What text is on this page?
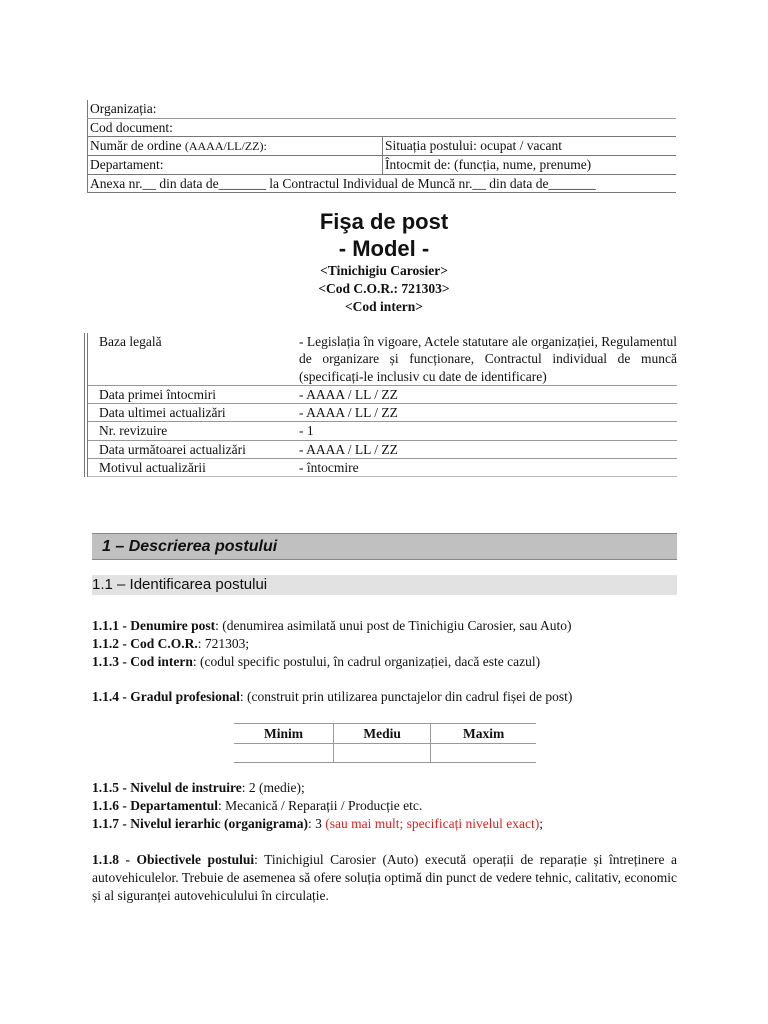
Organizația:	
Cod document:	
Număr de ordine (AAAA/LL/ZZ):	Situația postului: ocupat / vacant
Departament:	Întocmit de: (funcția, nume, prenume)
Anexa nr.__ din data de_______ la Contractul Individual de Muncă nr.__ din data de_______	
Fişa de post
- Model -
<Tinichigiu Carosier>
<Cod C.O.R.: 721303>
<Cod intern>
Baza legală	- Legislația în vigoare, Actele statutare ale organizației, Regulamentul de organizare și funcționare, Contractul individual de muncă (specificați-le inclusiv cu date de identificare)
Data primei întocmiri	- AAAA / LL / ZZ
Data ultimei actualizări	- AAAA / LL / ZZ
Nr. revizuire	- 1
Data următoarei actualizări	- AAAA / LL / ZZ
Motivul actualizării	- întocmire
1 – Descrierea postului
1.1 – Identificarea postului
1.1.1 - Denumire post: (denumirea asimilată unui post de Tinichigiu Carosier, sau Auto)
1.1.2 - Cod C.O.R.: 721303;
1.1.3 - Cod intern: (codul specific postului, în cadrul organizației, dacă este cazul)
1.1.4 - Gradul profesional: (construit prin utilizarea punctajelor din cadrul fișei de post)
Minim	Mediu	Maxim

1.1.5 - Nivelul de instruire: 2 (medie);
1.1.6 - Departamentul: Mecanică / Reparații / Producție etc.
1.1.7 - Nivelul ierarhic (organigrama): 3 (sau mai mult; specificați nivelul exact);
1.1.8 - Obiectivele postului: Tinichigiul Carosier (Auto) execută operații de reparație și întreținere a autovehiculelor. Trebuie de asemenea să ofere soluția optimă din punct de vedere tehnic, calitativ, economic și al siguranței autovehiculului în circulație.
